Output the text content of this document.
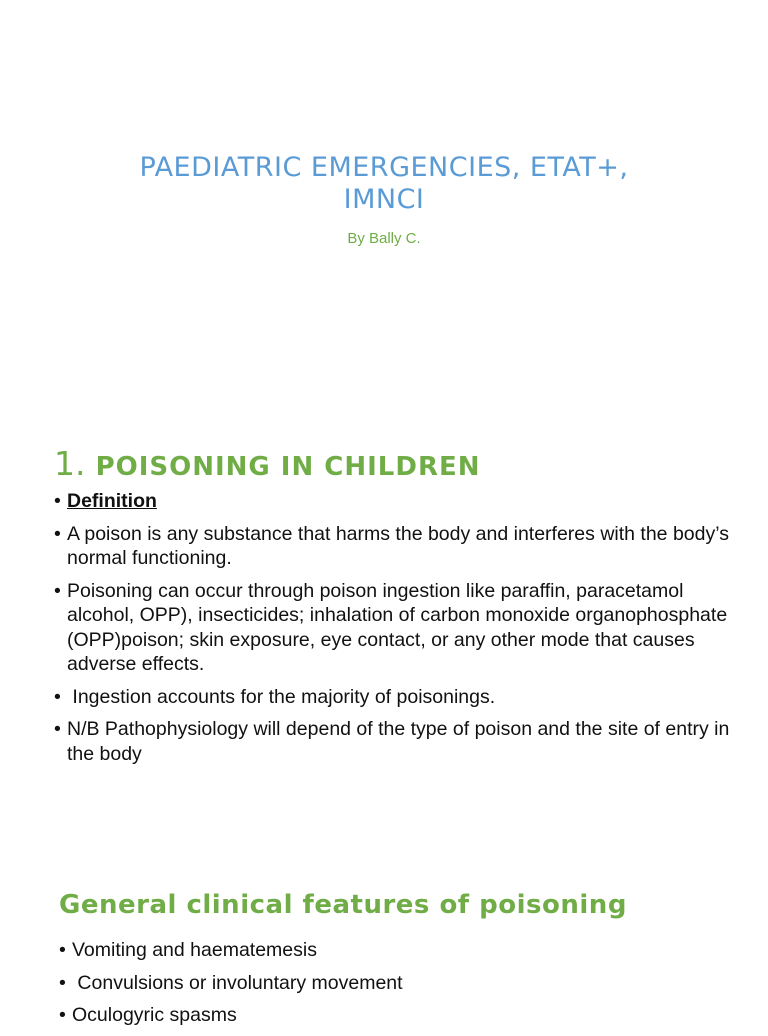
PAEDIATRIC EMERGENCIES, ETAT+, IMNCI
By Bally C.
1. POISONING IN CHILDREN
• Definition
• A poison is any substance that harms the body and interferes with the body’s normal functioning.
• Poisoning can occur through poison ingestion like paraffin, paracetamol alcohol, OPP), insecticides; inhalation of carbon monoxide organophosphate (OPP)poison; skin exposure, eye contact, or any other mode that causes adverse effects.
•  Ingestion accounts for the majority of poisonings.
• N/B Pathophysiology will depend of the type of poison and the site of entry in the body
General clinical features of poisoning
• Vomiting and haematemesis
•  Convulsions or involuntary movement
• Oculogyric spasms
